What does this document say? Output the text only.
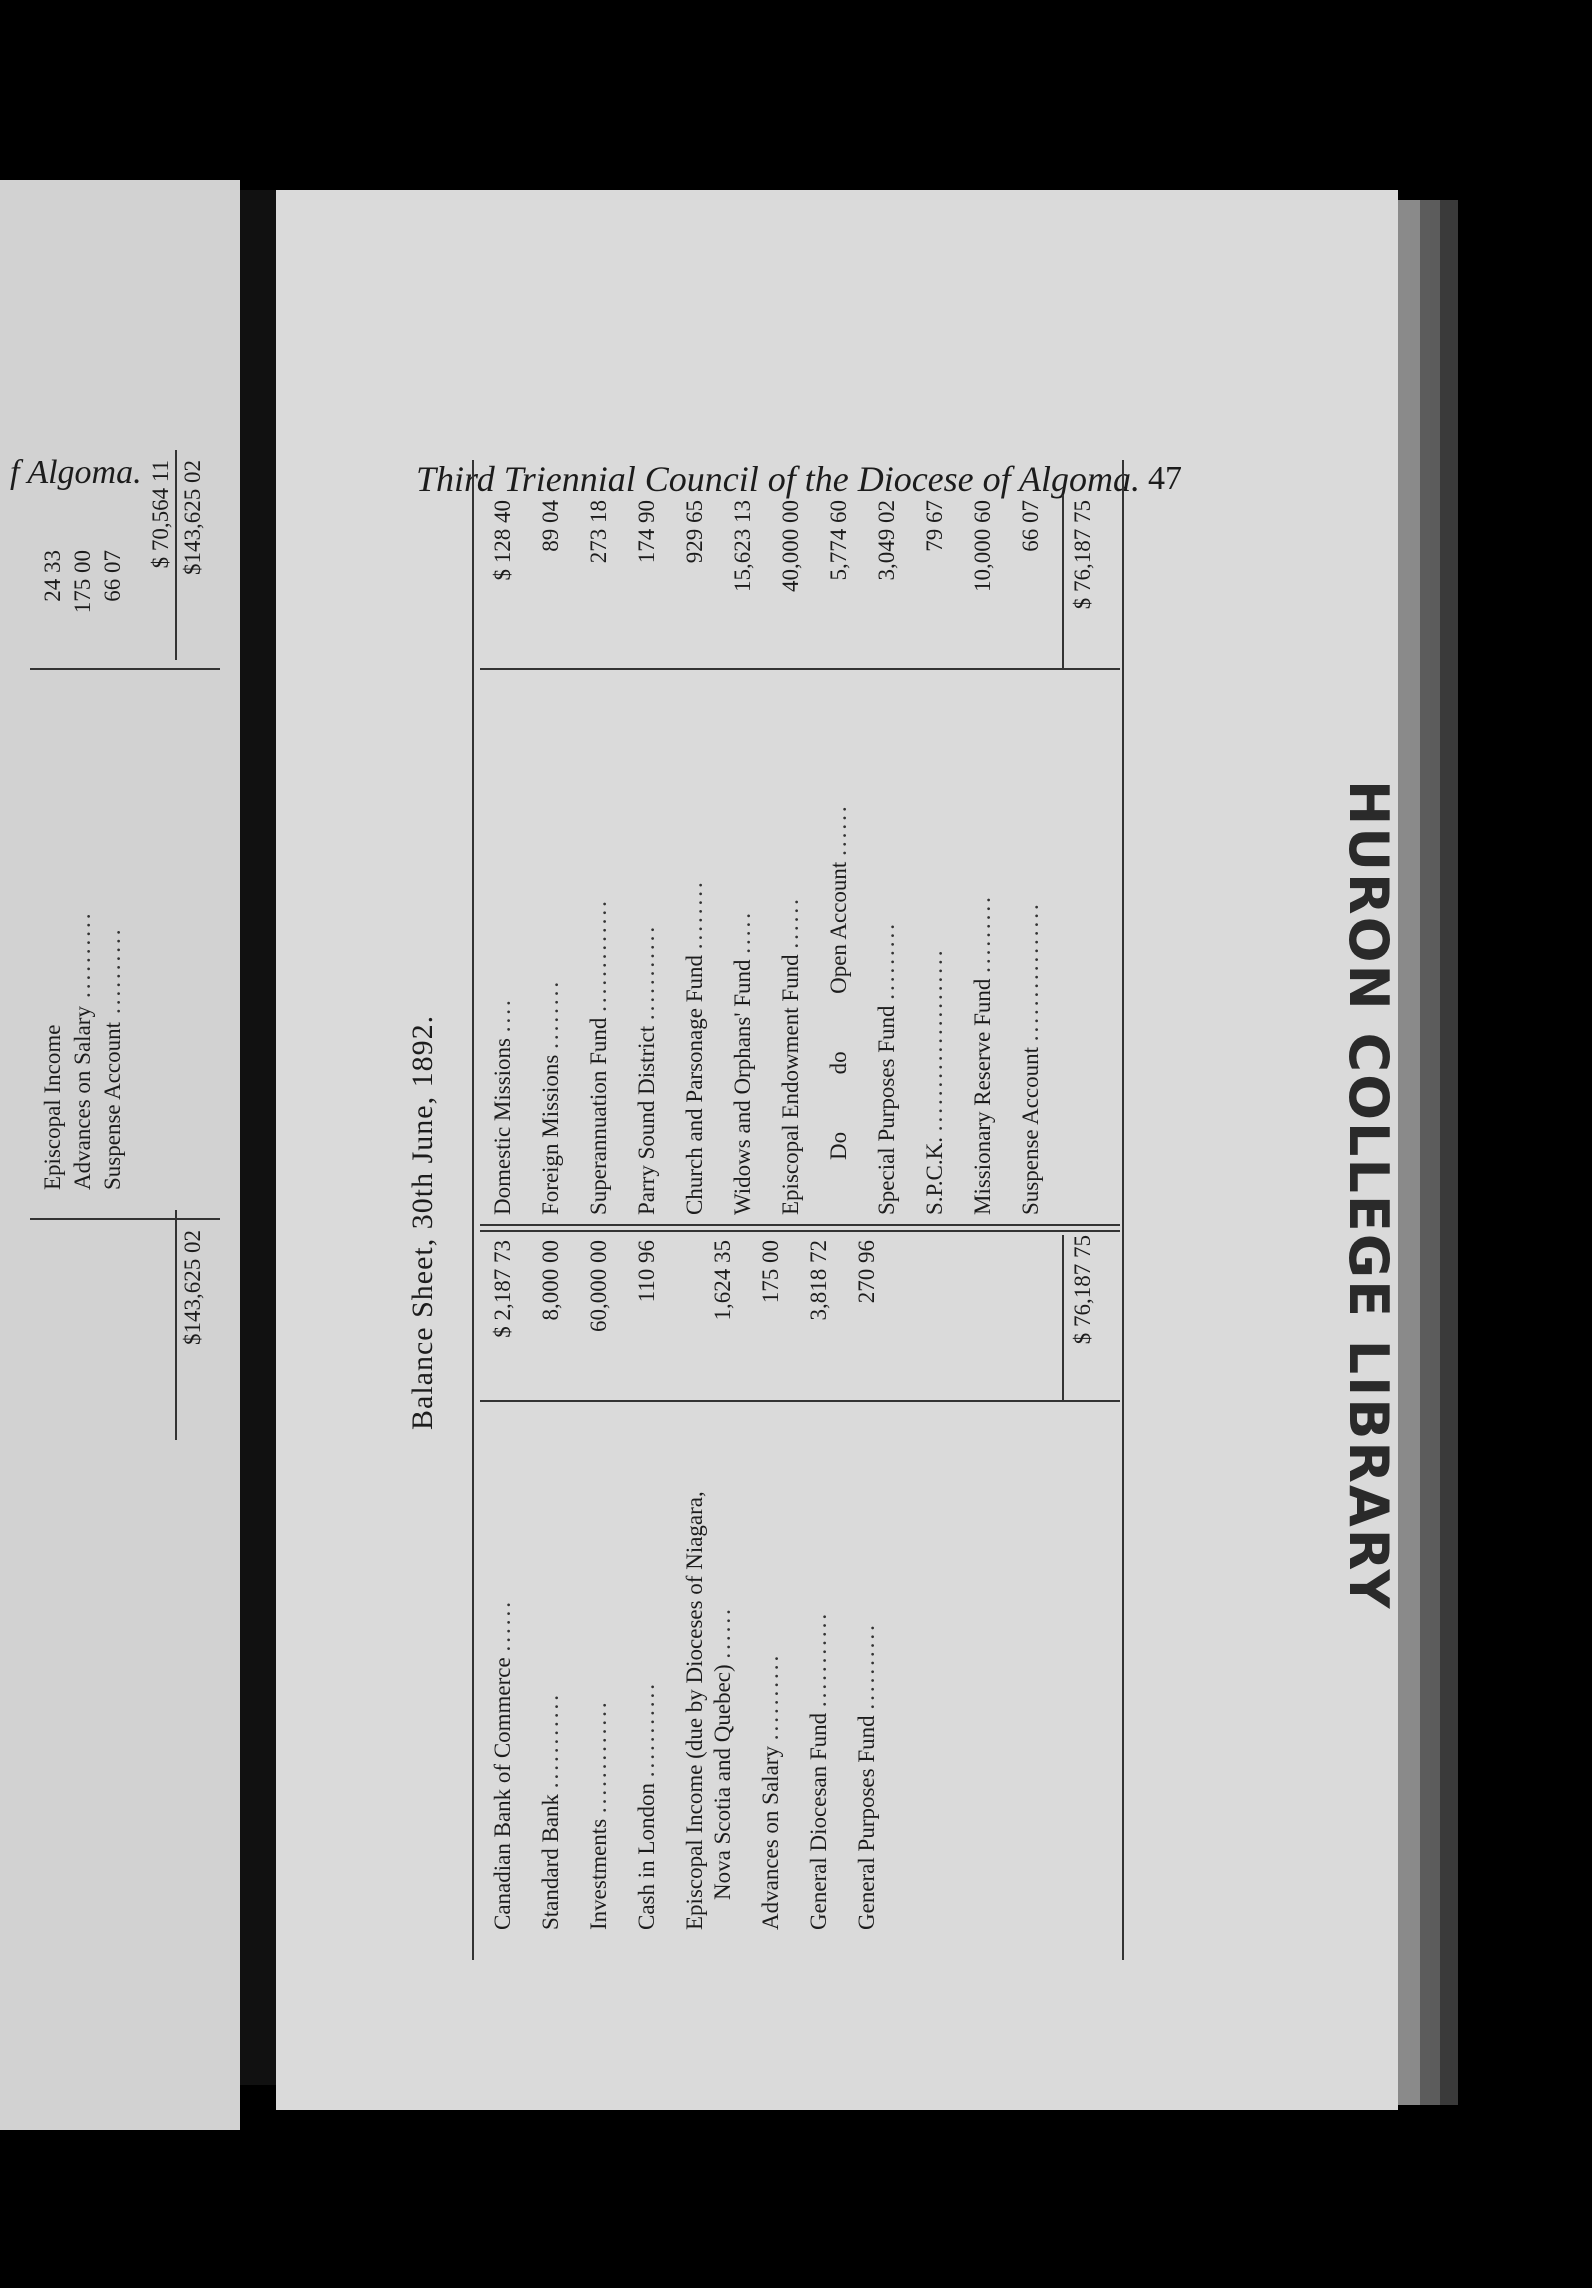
f Algoma.
Episcopal Income Advances on Salary..........
Suspense Account..........
24 33 175 00 66 07
$ 70,564 11 $143,625 02
$143,625 02
Third Triennial Council of the Diocese of Algoma. 47
Balance Sheet, 30th June, 1892.
Canadian Bank of Commerce ......
Standard Bank ...........
Investments .............
Cash in London ........... Episcopal Income (due by Dioceses of Niagara, Nova Scotia and Quebec) ......
Advances on Salary ..........
General Diocesan Fund ...........
General Purposes Fund ..........
$ 2,187 73 8,000 00 60,000 00 110 96 1,624 35 175 00 3,818 72 270 96	$ 76,187 75
Domestic Missions ....
Foreign Missions ........
Superannuation Fund .............
Parry Sound District ........... Church and Parsonage Fund ........
Widows and Orphans' Fund .....
Episcopal Endowment Fund ...... Do          do          Open Account ......
Special Purposes Fund .........
S.P.C.K. ..................... Missionary Reserve Fund .........
Suspense Account ................
$ 128 40 89 04 273 18 174 90 929 65 15,623 13 40,000 00 5,774 60 3,049 02 79 67 10,000 60 66 07 $ 76,187 75
HURON COLLEGE LIBRARY
